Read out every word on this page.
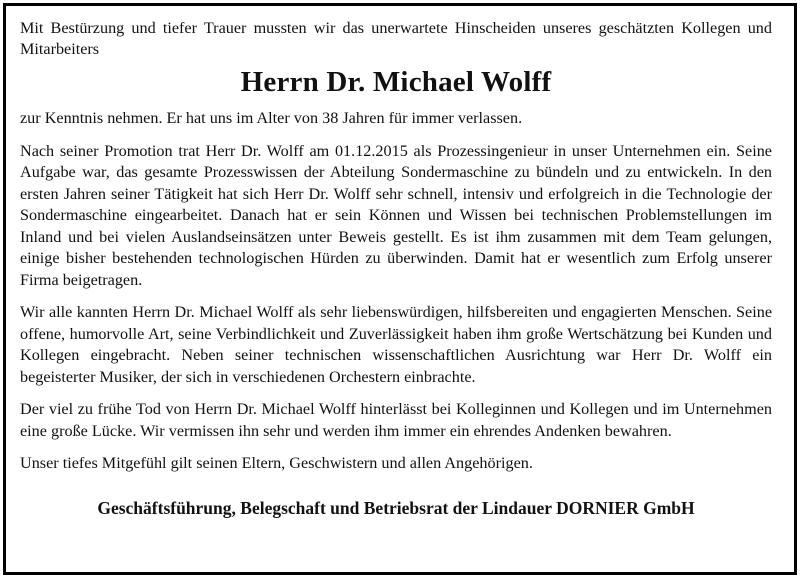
Mit Bestürzung und tiefer Trauer mussten wir das unerwartete Hinscheiden unseres geschätzten Kollegen und Mitarbeiters

Herrn Dr. Michael Wolff

zur Kenntnis nehmen. Er hat uns im Alter von 38 Jahren für immer verlassen.

Nach seiner Promotion trat Herr Dr. Wolff am 01.12.2015 als Prozessingenieur in unser Unternehmen ein. Seine Aufgabe war, das gesamte Prozesswissen der Abteilung Sondermaschine zu bündeln und zu entwickeln. In den ersten Jahren seiner Tätigkeit hat sich Herr Dr. Wolff sehr schnell, intensiv und erfolgreich in die Technologie der Sondermaschine eingearbeitet. Danach hat er sein Können und Wissen bei technischen Problemstellungen im Inland und bei vielen Auslandseinsätzen unter Beweis gestellt. Es ist ihm zusammen mit dem Team gelungen, einige bisher bestehenden technologischen Hürden zu überwinden. Damit hat er wesentlich zum Erfolg unserer Firma beigetragen.

Wir alle kannten Herrn Dr. Michael Wolff als sehr liebenswürdigen, hilfsbereiten und engagierten Menschen. Seine offene, humorvolle Art, seine Verbindlichkeit und Zuverlässigkeit haben ihm große Wertschätzung bei Kunden und Kollegen eingebracht. Neben seiner technischen wissenschaftlichen Ausrichtung war Herr Dr. Wolff ein begeisterter Musiker, der sich in verschiedenen Orchestern einbrachte.

Der viel zu frühe Tod von Herrn Dr. Michael Wolff hinterlässt bei Kolleginnen und Kollegen und im Unternehmen eine große Lücke. Wir vermissen ihn sehr und werden ihm immer ein ehrendes Andenken bewahren.

Unser tiefes Mitgefühl gilt seinen Eltern, Geschwistern und allen Angehörigen.

Geschäftsführung, Belegschaft und Betriebsrat der Lindauer DORNIER GmbH
